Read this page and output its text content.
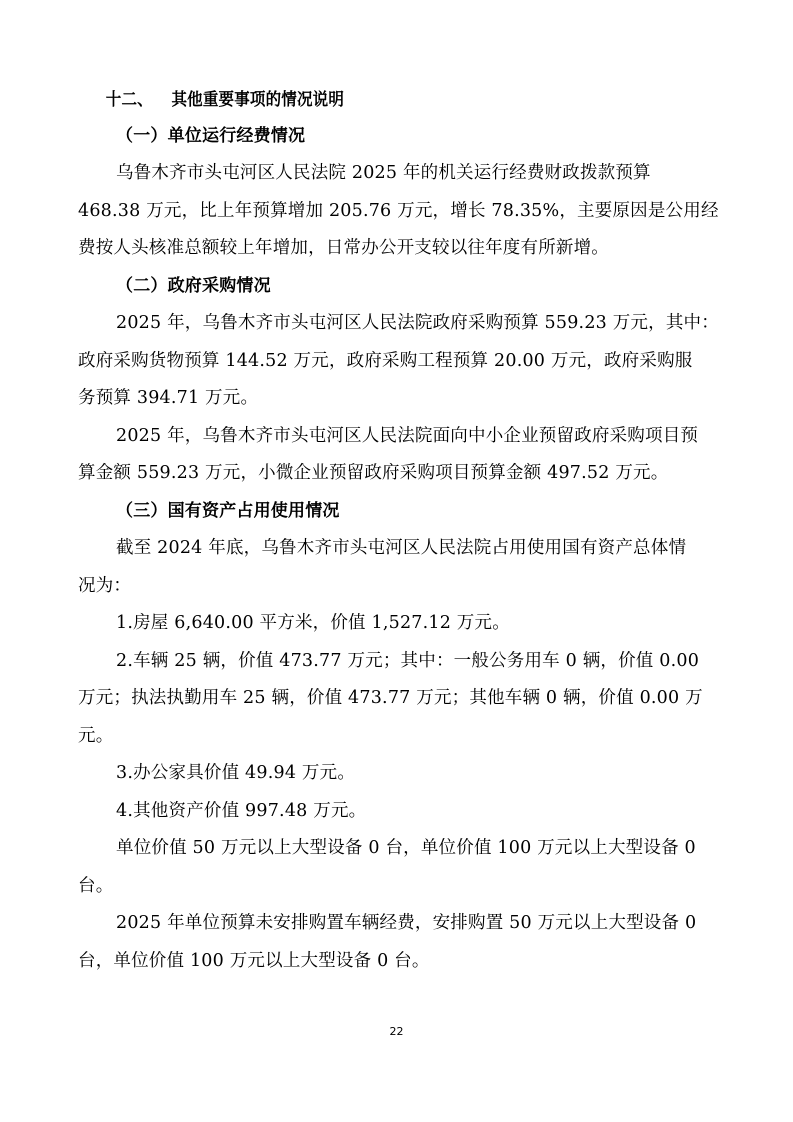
十二、 其他重要事项的情况说明
（一）单位运行经费情况
乌鲁木齐市头屯河区人民法院 2025 年的机关运行经费财政拨款预算
468.38 万元，比上年预算增加 205.76 万元，增长 78.35%，主要原因是公用经
费按人头核准总额较上年增加，日常办公开支较以往年度有所新增。
（二）政府采购情况
2025 年，乌鲁木齐市头屯河区人民法院政府采购预算 559.23 万元，其中：
政府采购货物预算 144.52 万元，政府采购工程预算 20.00 万元，政府采购服
务预算 394.71 万元。
2025 年，乌鲁木齐市头屯河区人民法院面向中小企业预留政府采购项目预
算金额 559.23 万元，小微企业预留政府采购项目预算金额 497.52 万元。
（三）国有资产占用使用情况
截至 2024 年底，乌鲁木齐市头屯河区人民法院占用使用国有资产总体情
况为：
1.房屋 6,640.00 平方米，价值 1,527.12 万元。
2.车辆 25 辆，价值 473.77 万元；其中：一般公务用车 0 辆，价值 0.00
万元；执法执勤用车 25 辆，价值 473.77 万元；其他车辆 0 辆，价值 0.00 万
元。
3.办公家具价值 49.94 万元。
4.其他资产价值 997.48 万元。
单位价值 50 万元以上大型设备 0 台，单位价值 100 万元以上大型设备 0
台。
2025 年单位预算未安排购置车辆经费，安排购置 50 万元以上大型设备 0
台，单位价值 100 万元以上大型设备 0 台。
22
